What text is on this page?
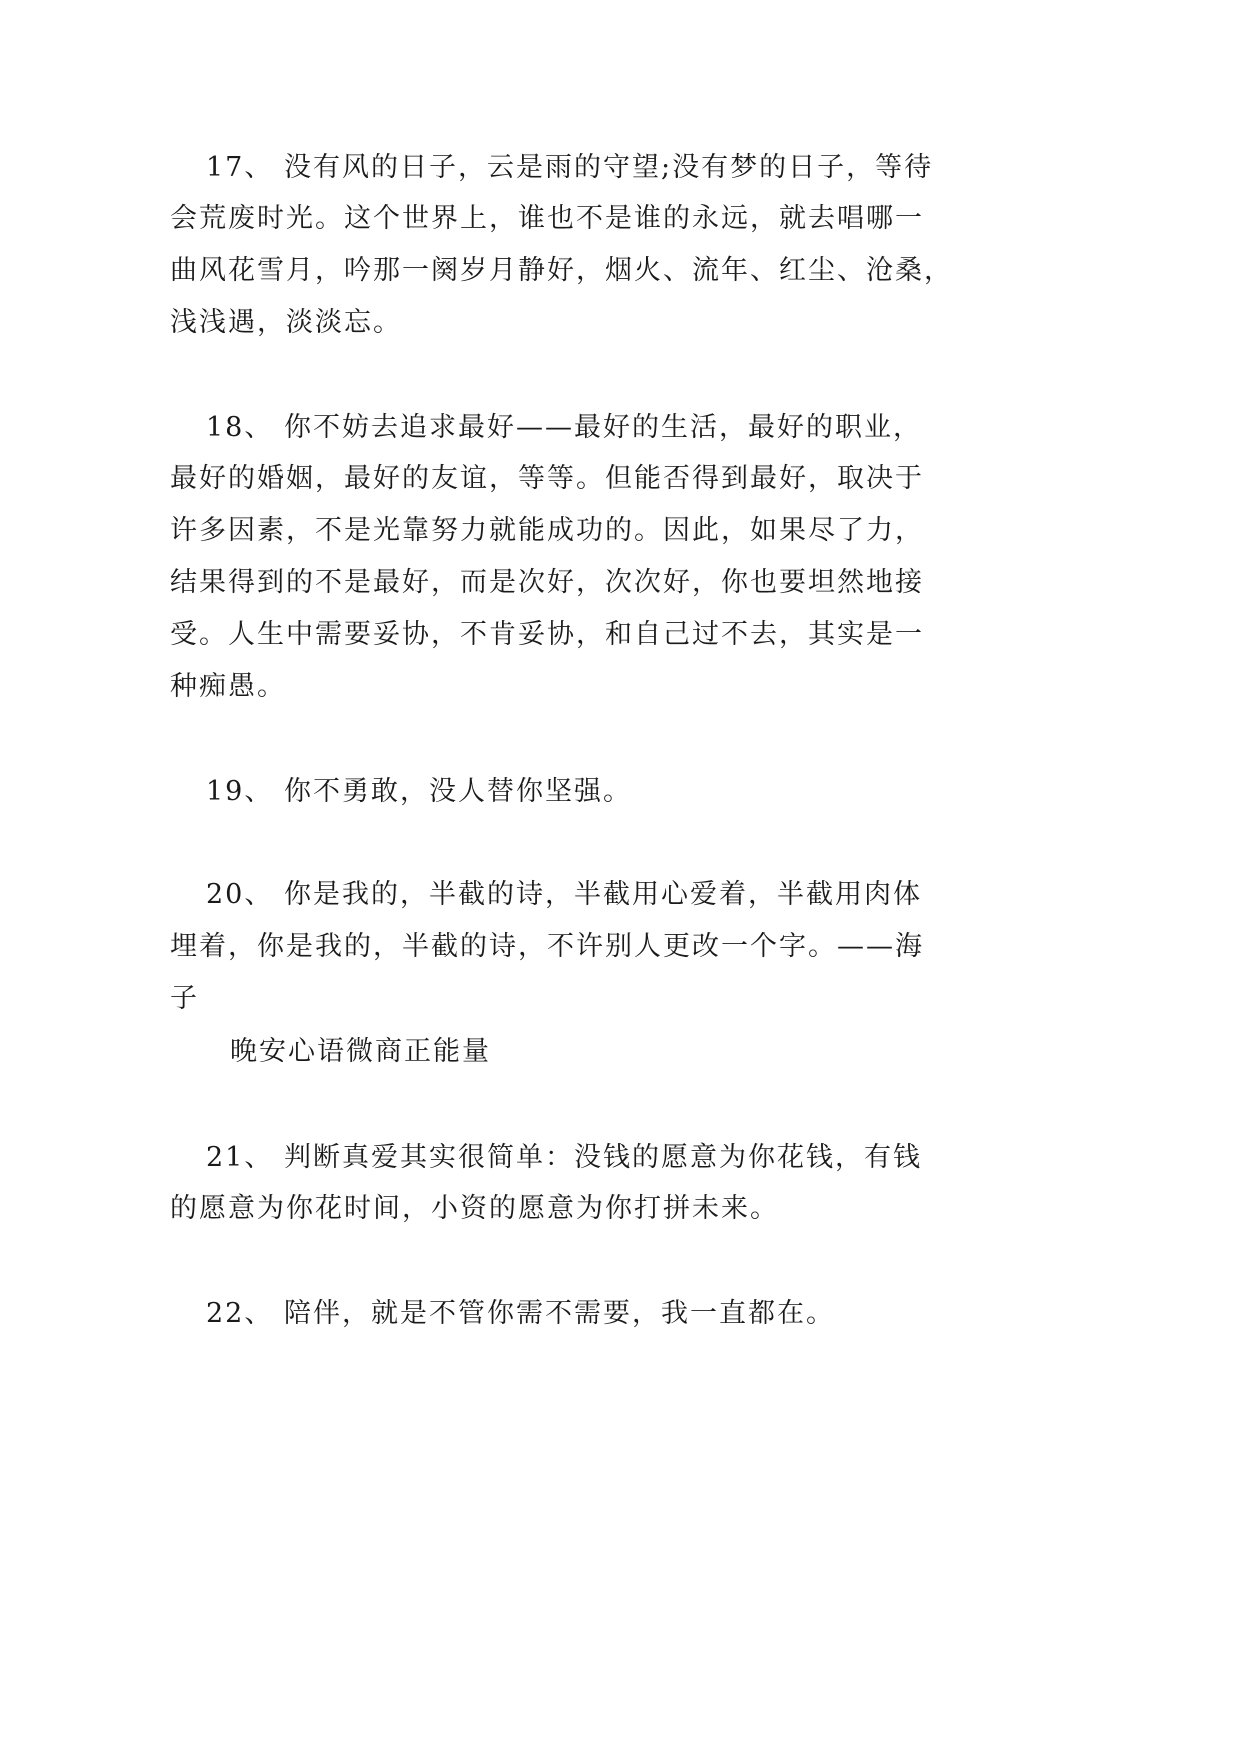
17、 没有风的日子，云是雨的守望;没有梦的日子，等待
会荒废时光。这个世界上，谁也不是谁的永远，就去唱哪一
曲风花雪月，吟那一阕岁月静好，烟火、流年、红尘、沧桑，
浅浅遇，淡淡忘。
18、 你不妨去追求最好——最好的生活，最好的职业，
最好的婚姻，最好的友谊，等等。但能否得到最好，取决于
许多因素，不是光靠努力就能成功的。因此，如果尽了力，
结果得到的不是最好，而是次好，次次好，你也要坦然地接
受。人生中需要妥协，不肯妥协，和自己过不去，其实是一
种痴愚。
19、 你不勇敢，没人替你坚强。
20、 你是我的，半截的诗，半截用心爱着，半截用肉体
埋着，你是我的，半截的诗，不许别人更改一个字。——海
子
晚安心语微商正能量
21、 判断真爱其实很简单：没钱的愿意为你花钱，有钱
的愿意为你花时间，小资的愿意为你打拼未来。
22、 陪伴，就是不管你需不需要，我一直都在。
